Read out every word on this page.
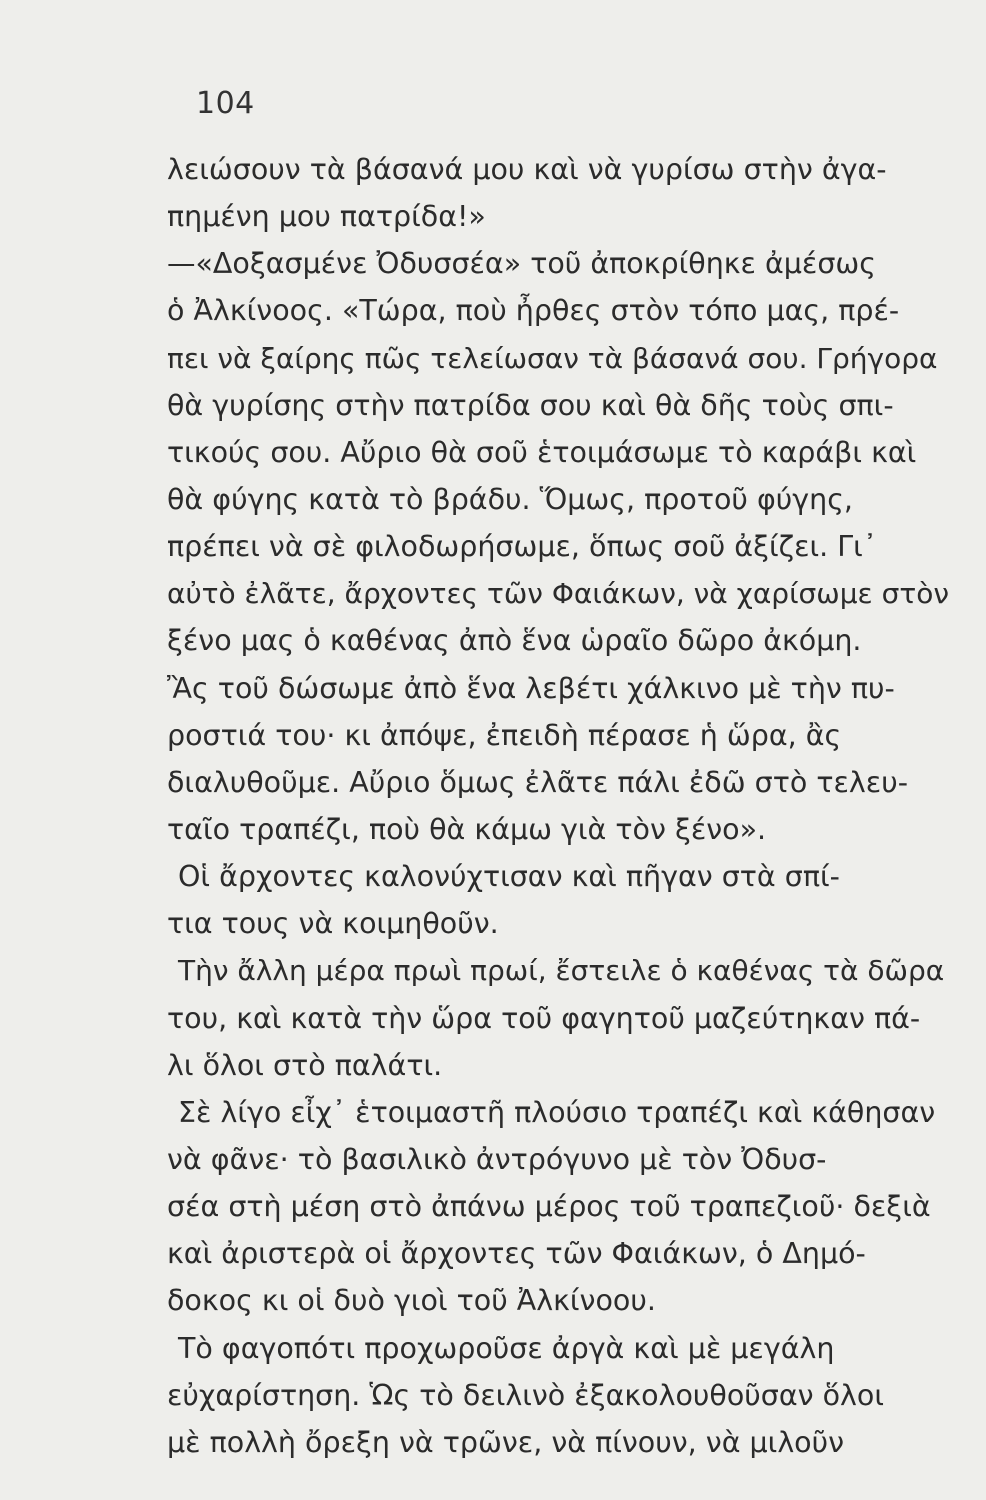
104
λειώσουν τὰ βάσανά μου καὶ νὰ γυρίσω στὴν ἀγα-
πημένη μου πατρίδα!»
—«Δοξασμένε Ὀδυσσέα» τοῦ ἀποκρίθηκε ἀμέσως
ὁ Ἀλκίνοος. «Τώρα, ποὺ ἦρθες στὸν τόπο μας, πρέ-
πει νὰ ξαίρης πῶς τελείωσαν τὰ βάσανά σου. Γρήγορα
θὰ γυρίσης στὴν πατρίδα σου καὶ θὰ δῆς τοὺς σπι-
τικούς σου. Αὔριο θὰ σοῦ ἑτοιμάσωμε τὸ καράβι καὶ
θὰ φύγης κατὰ τὸ βράδυ. Ὅμως, προτοῦ φύγης,
πρέπει νὰ σὲ φιλοδωρήσωμε, ὅπως σοῦ ἀξίζει. Γι᾽
αὐτὸ ἐλᾶτε, ἄρχοντες τῶν Φαιάκων, νὰ χαρίσωμε στὸν
ξένο μας ὁ καθένας ἀπὸ ἕνα ὡραῖο δῶρο ἀκόμη.
Ἂς τοῦ δώσωμε ἀπὸ ἕνα λεβέτι χάλκινο μὲ τὴν πυ-
ροστιά του· κι ἀπόψε, ἐπειδὴ πέρασε ἡ ὥρα, ἂς
διαλυθοῦμε. Αὔριο ὅμως ἐλᾶτε πάλι ἐδῶ στὸ τελευ-
ταῖο τραπέζι, ποὺ θὰ κάμω γιὰ τὸν ξένο».
Οἱ ἄρχοντες καλονύχτισαν καὶ πῆγαν στὰ σπί-
τια τους νὰ κοιμηθοῦν.
Τὴν ἄλλη μέρα πρωὶ πρωί, ἔστειλε ὁ καθένας τὰ δῶρα
του, καὶ κατὰ τὴν ὥρα τοῦ φαγητοῦ μαζεύτηκαν πά-
λι ὅλοι στὸ παλάτι.
Σὲ λίγο εἶχ᾽ ἑτοιμαστῆ πλούσιο τραπέζι καὶ κάθησαν
νὰ φᾶνε· τὸ βασιλικὸ ἀντρόγυνο μὲ τὸν Ὀδυσ-
σέα στὴ μέση στὸ ἀπάνω μέρος τοῦ τραπεζιοῦ· δεξιὰ
καὶ ἀριστερὰ οἱ ἄρχοντες τῶν Φαιάκων, ὁ Δημό-
δοκος κι οἱ δυὸ γιοὶ τοῦ Ἀλκίνοου.
Τὸ φαγοπότι προχωροῦσε ἀργὰ καὶ μὲ μεγάλη
εὐχαρίστηση. Ὡς τὸ δειλινὸ ἐξακολουθοῦσαν ὅλοι
μὲ πολλὴ ὄρεξη νὰ τρῶνε, νὰ πίνουν, νὰ μιλοῦν
